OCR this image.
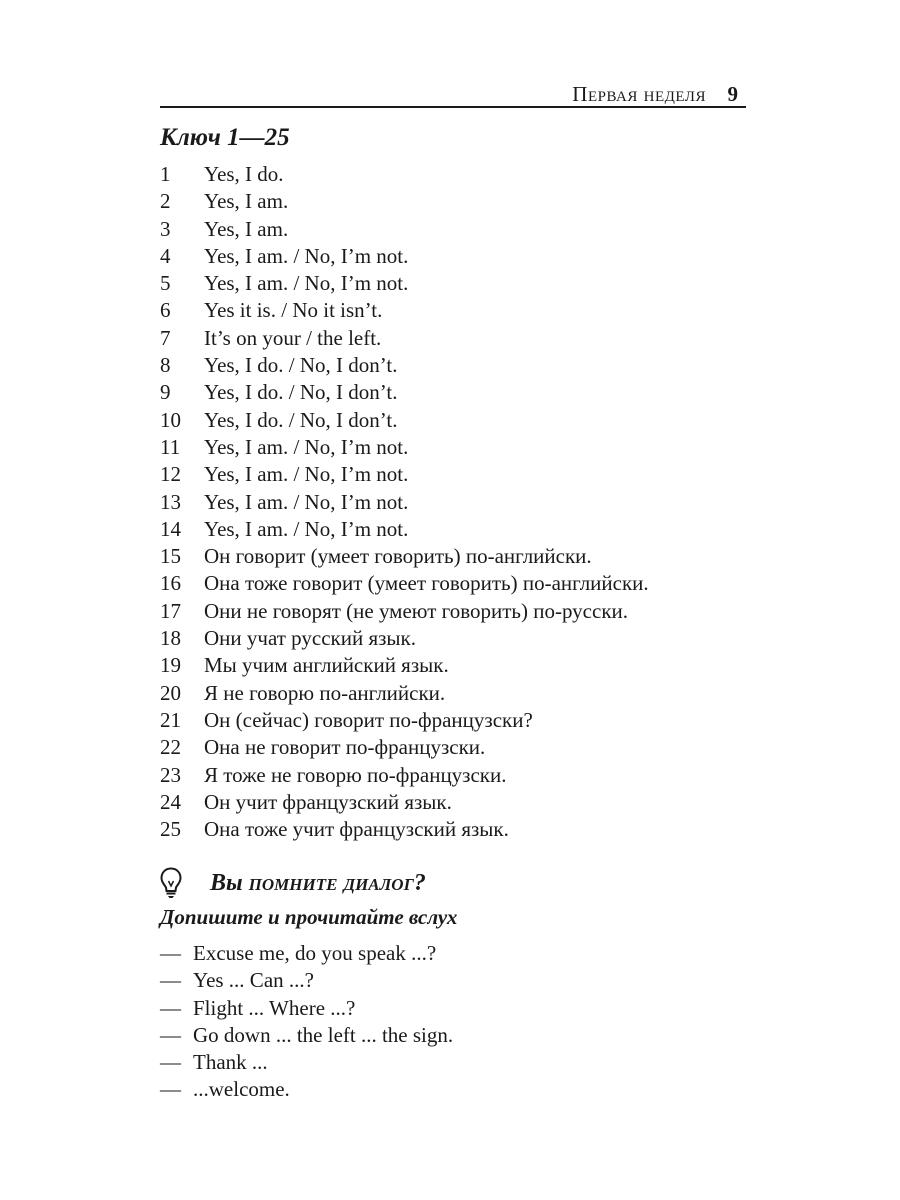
Первая неделя 9
Ключ 1—25
1 Yes, I do.
2 Yes, I am.
3 Yes, I am.
4 Yes, I am. / No, I’m not.
5 Yes, I am. / No, I’m not.
6 Yes it is. / No it isn’t.
7 It’s on your / the left.
8 Yes, I do. / No, I don’t.
9 Yes, I do. / No, I don’t.
10 Yes, I do. / No, I don’t.
11 Yes, I am. / No, I’m not.
12 Yes, I am. / No, I’m not.
13 Yes, I am. / No, I’m not.
14 Yes, I am. / No, I’m not.
15 Он говорит (умеет говорить) по-английски.
16 Она тоже говорит (умеет говорить) по-английски.
17 Они не говорят (не умеют говорить) по-русски.
18 Они учат русский язык.
19 Мы учим английский язык.
20 Я не говорю по-английски.
21 Он (сейчас) говорит по-французски?
22 Она не говорит по-французски.
23 Я тоже не говорю по-французски.
24 Он учит французский язык.
25 Она тоже учит французский язык.
Вы помните диалог?
Допишите и прочитайте вслух
— Excuse me, do you speak ...?
— Yes ... Can ...?
— Flight ... Where ...?
— Go down ... the left ... the sign.
— Thank ...
— ...welcome.
